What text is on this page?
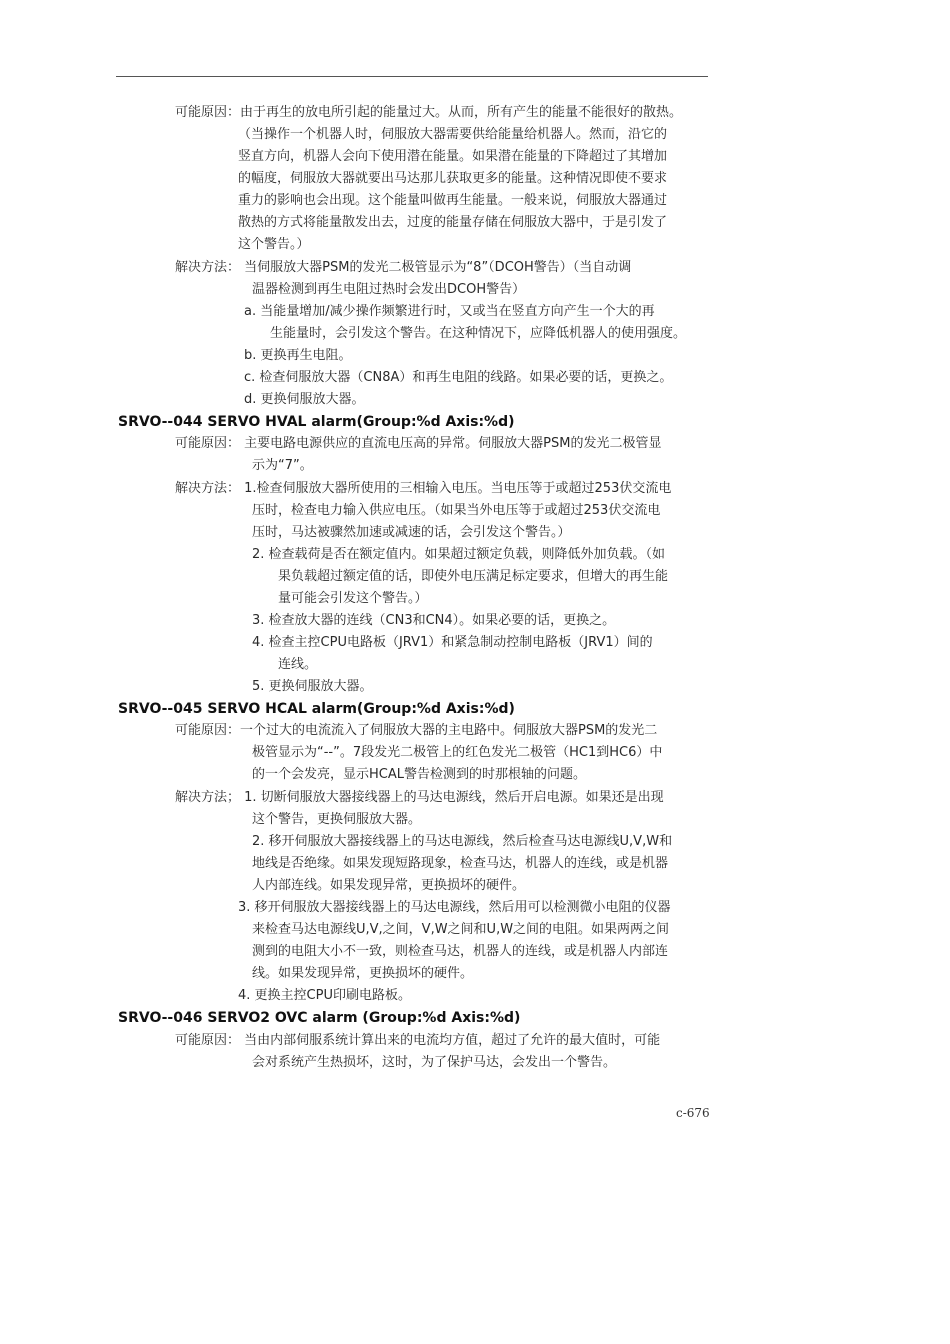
可能原因：由于再生的放电所引起的能量过大。从而，所有产生的能量不能很好的散热。
（当操作一个机器人时，伺服放大器需要供给能量给机器人。然而，沿它的
竖直方向，机器人会向下使用潜在能量。如果潜在能量的下降超过了其增加
的幅度，伺服放大器就要出马达那儿获取更多的能量。这种情况即使不要求
重力的影响也会出现。这个能量叫做再生能量。一般来说，伺服放大器通过
散热的方式将能量散发出去，过度的能量存储在伺服放大器中，于是引发了
这个警告。）
解决方法： 当伺服放大器PSM的发光二极管显示为“8”（DCOH警告）（当自动调
温器检测到再生电阻过热时会发出DCOH警告）
a. 当能量增加/减少操作频繁进行时，又或当在竖直方向产生一个大的再
生能量时，会引发这个警告。在这种情况下，应降低机器人的使用强度。
b. 更换再生电阻。
c. 检查伺服放大器（CN8A）和再生电阻的线路。如果必要的话，更换之。
d. 更换伺服放大器。
SRVO--044 SERVO HVAL alarm(Group:%d Axis:%d)
可能原因： 主要电路电源供应的直流电压高的异常。伺服放大器PSM的发光二极管显
示为“7”。
解决方法： 1.检查伺服放大器所使用的三相输入电压。当电压等于或超过253伏交流电
压时，检查电力输入供应电压。（如果当外电压等于或超过253伏交流电
压时，马达被骤然加速或减速的话，会引发这个警告。）
2. 检查载荷是否在额定值内。如果超过额定负载，则降低外加负载。（如
果负载超过额定值的话，即使外电压满足标定要求，但增大的再生能
量可能会引发这个警告。）
3. 检查放大器的连线（CN3和CN4）。如果必要的话，更换之。
4. 检查主控CPU电路板（JRV1）和紧急制动控制电路板（JRV1）间的
连线。
5. 更换伺服放大器。
SRVO--045 SERVO HCAL alarm(Group:%d Axis:%d)
可能原因：一个过大的电流流入了伺服放大器的主电路中。伺服放大器PSM的发光二
极管显示为“--”。7段发光二极管上的红色发光二极管（HC1到HC6）中
的一个会发亮，显示HCAL警告检测到的时那根轴的问题。
解决方法； 1. 切断伺服放大器接线器上的马达电源线，然后开启电源。如果还是出现
这个警告，更换伺服放大器。
2. 移开伺服放大器接线器上的马达电源线，然后检查马达电源线U,V,W和
地线是否绝缘。如果发现短路现象，检查马达，机器人的连线，或是机器
人内部连线。如果发现异常，更换损坏的硬件。
3. 移开伺服放大器接线器上的马达电源线，然后用可以检测微小电阻的仪器
来检查马达电源线U,V,之间，V,W之间和U,W之间的电阻。如果两两之间
测到的电阻大小不一致，则检查马达，机器人的连线，或是机器人内部连
线。如果发现异常，更换损坏的硬件。
4. 更换主控CPU印刷电路板。
SRVO--046 SERVO2 OVC alarm (Group:%d Axis:%d)
可能原因： 当由内部伺服系统计算出来的电流均方值，超过了允许的最大值时，可能
会对系统产生热损坏，这时，为了保护马达，会发出一个警告。
c-676
